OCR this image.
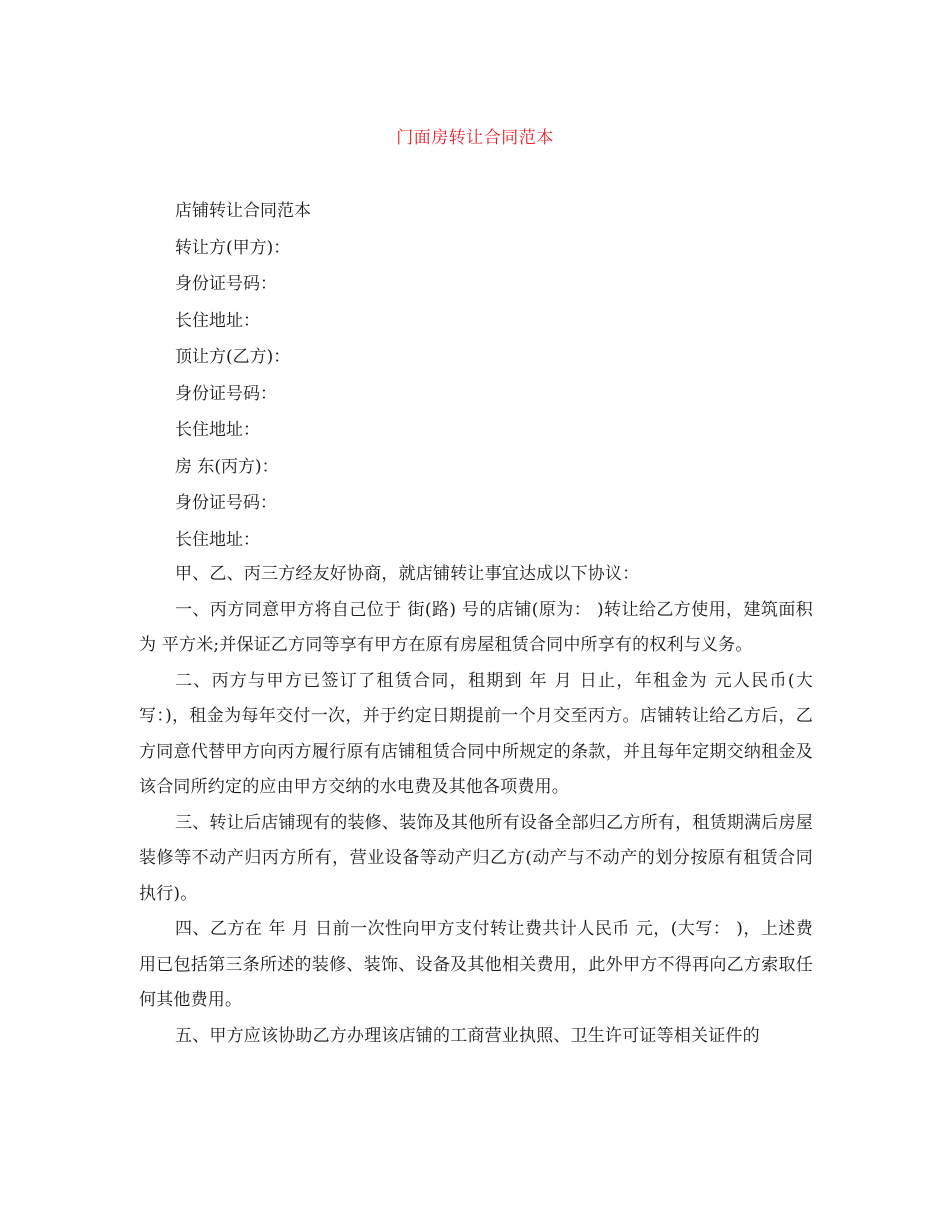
门面房转让合同范本
店铺转让合同范本
转让方(甲方)：
身份证号码：
长住地址：
顶让方(乙方)：
身份证号码：
长住地址：
房 东(丙方)：
身份证号码：
长住地址：

甲、乙、丙三方经友好协商，就店铺转让事宜达成以下协议：

一、丙方同意甲方将自己位于 街(路) 号的店铺(原为： )转让给乙方使用，建筑面积为 平方米;并保证乙方同等享有甲方在原有房屋租赁合同中所享有的权利与义务。

二、丙方与甲方已签订了租赁合同，租期到 年 月 日止，年租金为 元人民币(大写：)，租金为每年交付一次，并于约定日期提前一个月交至丙方。店铺转让给乙方后，乙方同意代替甲方向丙方履行原有店铺租赁合同中所规定的条款，并且每年定期交纳租金及该合同所约定的应由甲方交纳的水电费及其他各项费用。

三、转让后店铺现有的装修、装饰及其他所有设备全部归乙方所有，租赁期满后房屋装修等不动产归丙方所有，营业设备等动产归乙方(动产与不动产的划分按原有租赁合同执行)。

四、乙方在 年 月 日前一次性向甲方支付转让费共计人民币 元，(大写： )，上述费用已包括第三条所述的装修、装饰、设备及其他相关费用，此外甲方不得再向乙方索取任何其他费用。

五、甲方应该协助乙方办理该店铺的工商营业执照、卫生许可证等相关证件的
